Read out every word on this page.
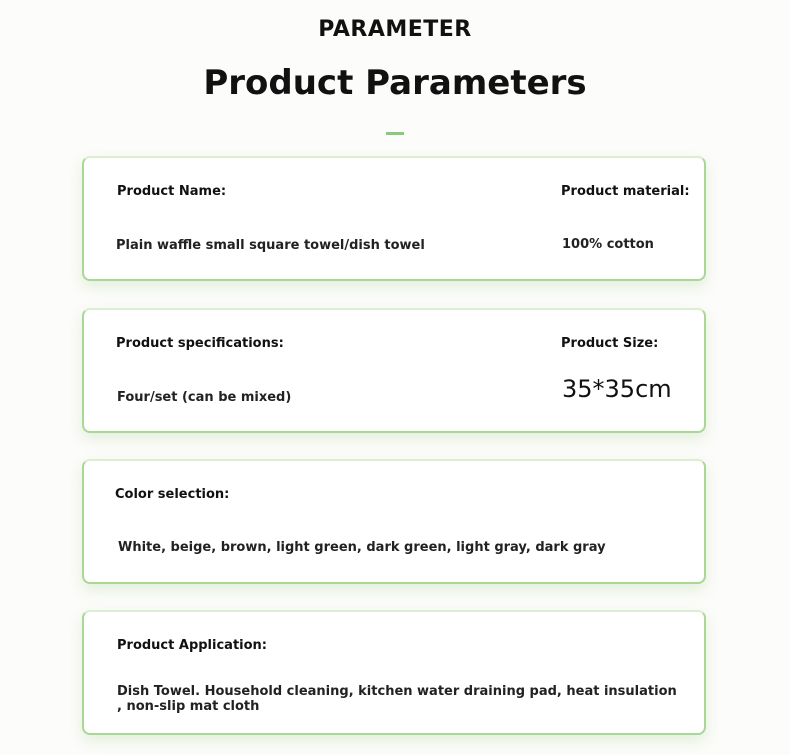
PARAMETER
Product Parameters
Product Name:
Plain waffle small square towel/dish towel
Product material:
100% cotton
Product specifications:
Four/set (can be mixed)
Product Size:
35*35cm
Color selection:
White, beige, brown, light green, dark green, light gray, dark gray
Product Application:
Dish Towel. Household cleaning, kitchen water draining pad, heat insulation
, non-slip mat cloth
